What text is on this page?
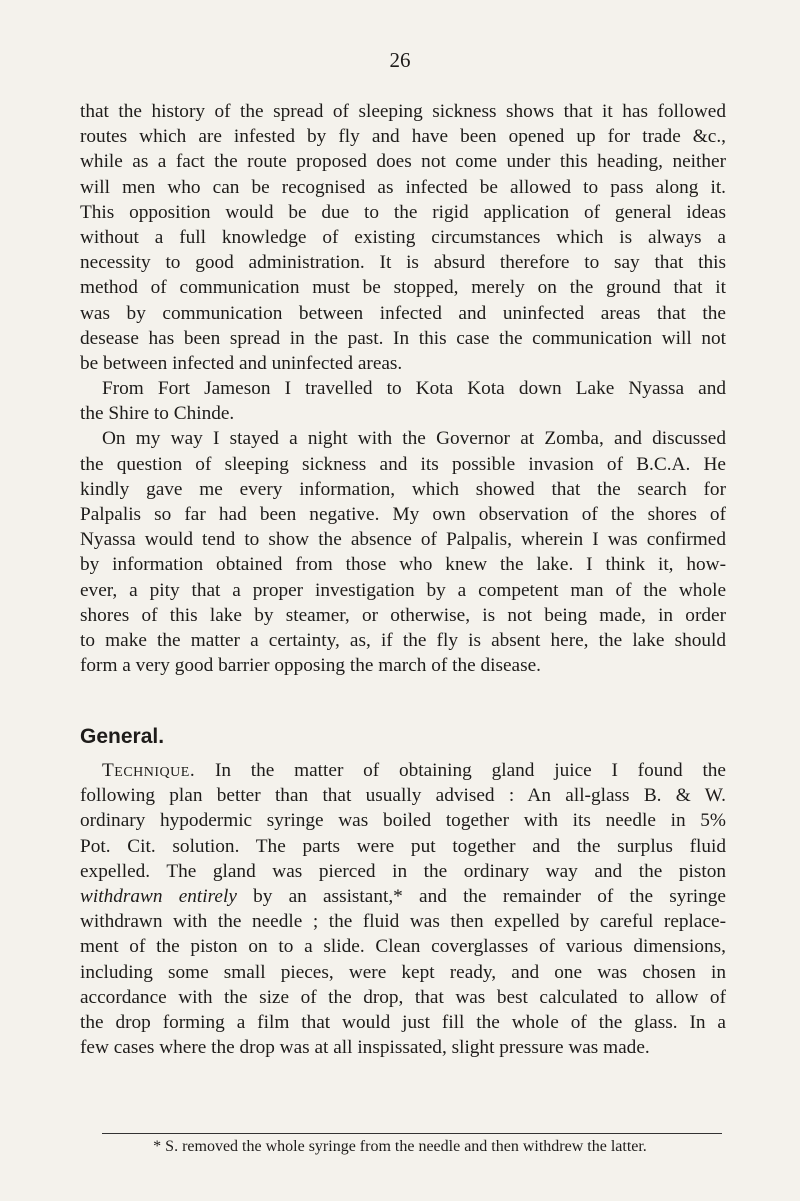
26
that the history of the spread of sleeping sickness shows that it has followed
routes which are infested by fly and have been opened up for trade &c.,
while as a fact the route proposed does not come under this heading, neither
will men who can be recognised as infected be allowed to pass along it.
This opposition would be due to the rigid application of general ideas
without a full knowledge of existing circumstances which is always a
necessity to good administration. It is absurd therefore to say that this
method of communication must be stopped, merely on the ground that it
was by communication between infected and uninfected areas that the
desease has been spread in the past. In this case the communication will not
be between infected and uninfected areas.
From Fort Jameson I travelled to Kota Kota down Lake Nyassa and
the Shire to Chinde.
On my way I stayed a night with the Governor at Zomba, and discussed
the question of sleeping sickness and its possible invasion of B.C.A. He
kindly gave me every information, which showed that the search for
Palpalis so far had been negative. My own observation of the shores of
Nyassa would tend to show the absence of Palpalis, wherein I was confirmed
by information obtained from those who knew the lake. I think it, how-
ever, a pity that a proper investigation by a competent man of the whole
shores of this lake by steamer, or otherwise, is not being made, in order
to make the matter a certainty, as, if the fly is absent here, the lake should
form a very good barrier opposing the march of the disease.
General.
Technique. In the matter of obtaining gland juice I found the
following plan better than that usually advised : An all-glass B. & W.
ordinary hypodermic syringe was boiled together with its needle in 5%
Pot. Cit. solution. The parts were put together and the surplus fluid
expelled. The gland was pierced in the ordinary way and the piston
withdrawn entirely by an assistant,* and the remainder of the syringe
withdrawn with the needle ; the fluid was then expelled by careful replace-
ment of the piston on to a slide. Clean coverglasses of various dimensions,
including some small pieces, were kept ready, and one was chosen in
accordance with the size of the drop, that was best calculated to allow of
the drop forming a film that would just fill the whole of the glass. In a
few cases where the drop was at all inspissated, slight pressure was made.
* S. removed the whole syringe from the needle and then withdrew the latter.
